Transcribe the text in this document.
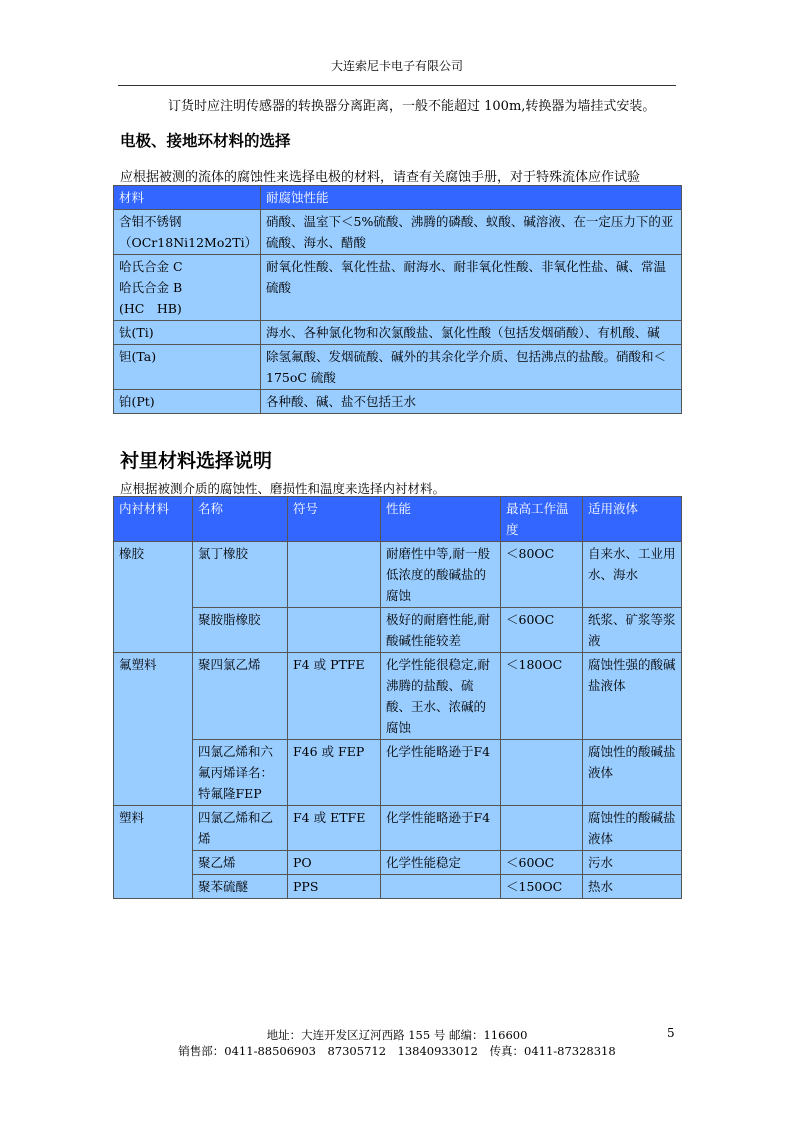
大连索尼卡电子有限公司
订货时应注明传感器的转换器分离距离，一般不能超过 100m,转换器为墙挂式安装。
电极、接地环材料的选择
应根据被测的流体的腐蚀性来选择电极的材料，请查有关腐蚀手册，对于特殊流体应作试验
材料	耐腐蚀性能
含钼不锈钢
（OCr18Ni12Mo2Ti）	硝酸、温室下＜5%硫酸、沸腾的磷酸、蚁酸、碱溶液、在一定压力下的亚硫酸、海水、醋酸
哈氏合金 C
哈氏合金 B
(HC　HB)	耐氧化性酸、氧化性盐、耐海水、耐非氧化性酸、非氧化性盐、碱、常温硫酸
钛(Ti)	海水、各种氯化物和次氯酸盐、氯化性酸（包括发烟硝酸）、有机酸、碱
钽(Ta)	除氢氟酸、发烟硫酸、碱外的其余化学介质、包括沸点的盐酸。硝酸和＜175oC 硫酸
铂(Pt)	各种酸、碱、盐不包括王水
衬里材料选择说明
应根据被测介质的腐蚀性、磨损性和温度来选择内衬材料。
内衬材料	名称	符号	性能	最高工作温度	适用液体
橡胶	氯丁橡胶		耐磨性中等,耐一般低浓度的酸碱盐的腐蚀	＜80OC	自来水、工业用水、海水
	聚胺脂橡胶		极好的耐磨性能,耐酸碱性能较差	＜60OC	纸浆、矿浆等浆液
氟塑料	聚四氯乙烯	F4 或 PTFE	化学性能很稳定,耐沸腾的盐酸、硫酸、王水、浓碱的腐蚀	＜180OC	腐蚀性强的酸碱盐液体
	四氯乙烯和六氟丙烯译名：特氟隆FEP	F46 或 FEP	化学性能略逊于F4		腐蚀性的酸碱盐液体
塑料	四氯乙烯和乙烯	F4 或 ETFE	化学性能略逊于F4		腐蚀性的酸碱盐液体
	聚乙烯	PO	化学性能稳定	＜60OC	污水
	聚苯硫醚	PPS		＜150OC	热水
地址：大连开发区辽河西路 155 号 邮编：116600
销售部：0411-88506903　87305712　13840933012　传真：0411-87328318
5
